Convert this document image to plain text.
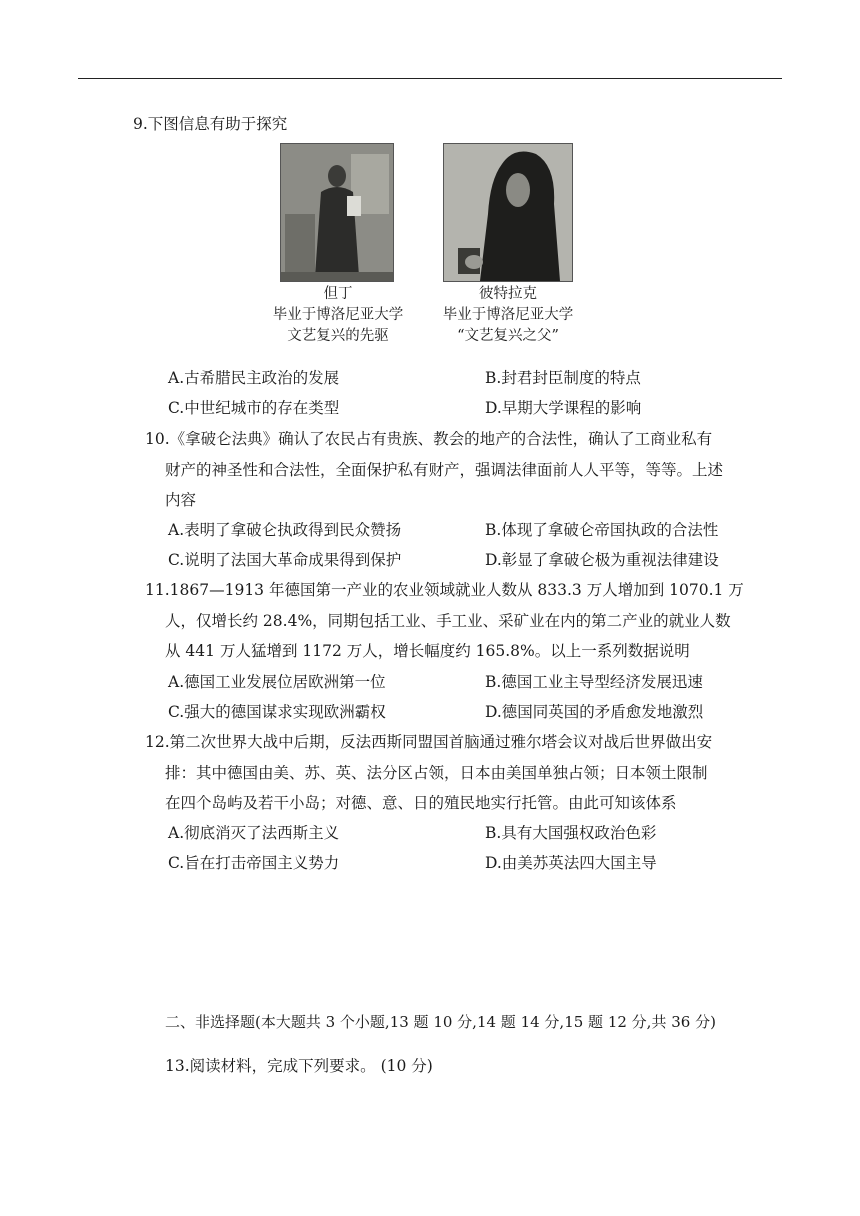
9.下图信息有助于探究
但丁
毕业于博洛尼亚大学
文艺复兴的先驱
彼特拉克
毕业于博洛尼亚大学
“文艺复兴之父”
A.古希腊民主政治的发展	B.封君封臣制度的特点
C.中世纪城市的存在类型	D.早期大学课程的影响
10.《拿破仑法典》确认了农民占有贵族、教会的地产的合法性，确认了工商业私有
财产的神圣性和合法性，全面保护私有财产，强调法律面前人人平等，等等。上述
内容
A.表明了拿破仑执政得到民众赞扬	B.体现了拿破仑帝国执政的合法性
C.说明了法国大革命成果得到保护	D.彰显了拿破仑极为重视法律建设
11.1867—1913 年德国第一产业的农业领域就业人数从 833.3 万人增加到 1070.1 万
人，仅增长约 28.4%，同期包括工业、手工业、采矿业在内的第二产业的就业人数
从 441 万人猛增到 1172 万人，增长幅度约 165.8%。以上一系列数据说明
A.德国工业发展位居欧洲第一位	B.德国工业主导型经济发展迅速
C.强大的德国谋求实现欧洲霸权	D.德国同英国的矛盾愈发地激烈
12.第二次世界大战中后期，反法西斯同盟国首脑通过雅尔塔会议对战后世界做出安
排：其中德国由美、苏、英、法分区占领，日本由美国单独占领；日本领土限制
在四个岛屿及若干小岛；对德、意、日的殖民地实行托管。由此可知该体系
A.彻底消灭了法西斯主义	B.具有大国强权政治色彩
C.旨在打击帝国主义势力	D.由美苏英法四大国主导
二、非选择题(本大题共 3 个小题,13 题 10 分,14 题 14 分,15 题 12 分,共 36 分)
13.阅读材料，完成下列要求。 (10 分)
